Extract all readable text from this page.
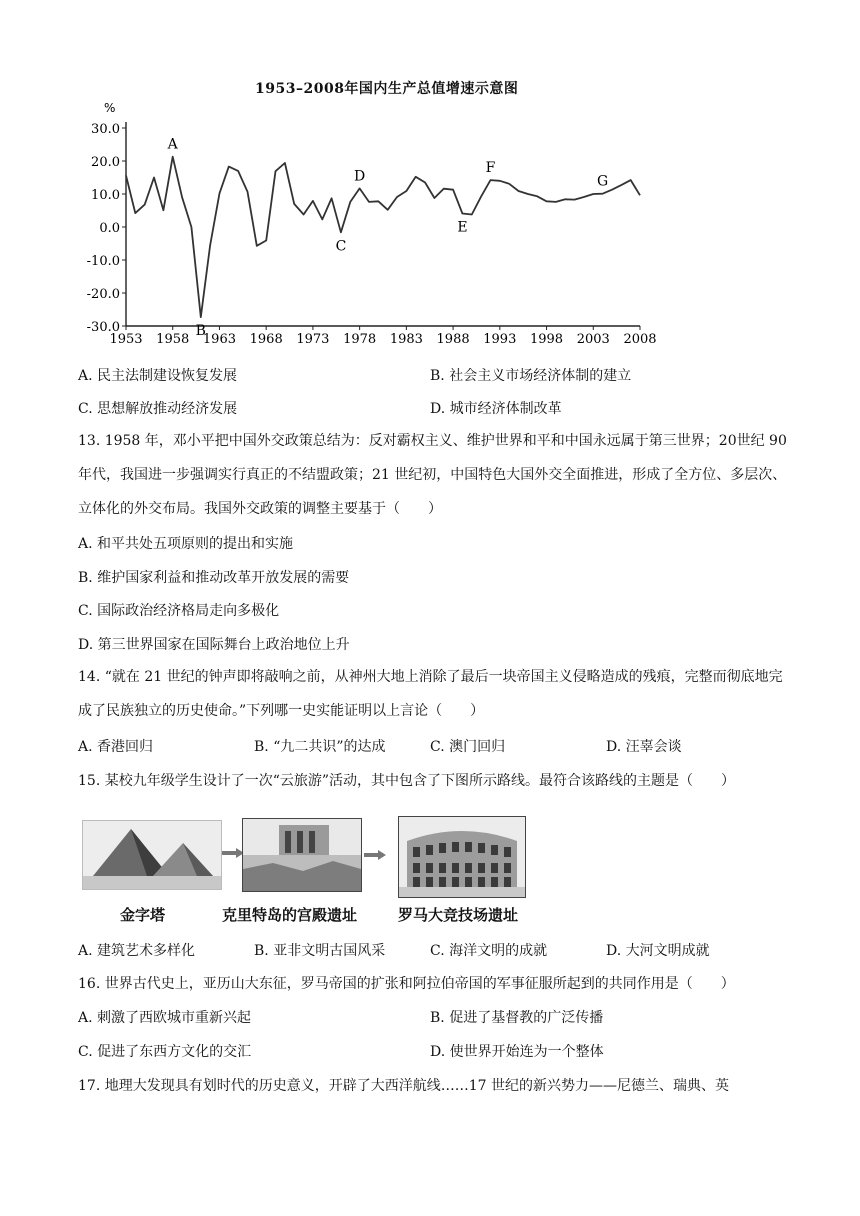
1953–2008年国内生产总值增速示意图
%
30.0
20.0
10.0
0.0
-10.0
-20.0
-30.0
1953 1958 1963 1968 1973 1978 1983 1988 1993 1998 2003 2008
A
B
C
D
E
F
G
A. 民主法制建设恢复发展	B. 社会主义市场经济体制的建立
C. 思想解放推动经济发展	D. 城市经济体制改革
13. 1958 年，邓小平把中国外交政策总结为：反对霸权主义、维护世界和平和中国永远属于第三世界；20世纪 90 年代，我国进一步强调实行真正的不结盟政策；21 世纪初，中国特色大国外交全面推进，形成了全方位、多层次、立体化的外交布局。我国外交政策的调整主要基于（　　）
A. 和平共处五项原则的提出和实施
B. 维护国家利益和推动改革开放发展的需要
C. 国际政治经济格局走向多极化
D. 第三世界国家在国际舞台上政治地位上升
14. “就在 21 世纪的钟声即将敲响之前，从神州大地上消除了最后一块帝国主义侵略造成的残痕，完整而彻底地完成了民族独立的历史使命。”下列哪一史实能证明以上言论（　　）
A. 香港回归	B. “九二共识”的达成	C. 澳门回归	D. 汪辜会谈
15. 某校九年级学生设计了一次“云旅游”活动，其中包含了下图所示路线。最符合该路线的主题是（　　）
金字塔	克里特岛的宫殿遗址	罗马大竞技场遗址
A. 建筑艺术多样化	B. 亚非文明古国风采	C. 海洋文明的成就	D. 大河文明成就
16. 世界古代史上，亚历山大东征，罗马帝国的扩张和阿拉伯帝国的军事征服所起到的共同作用是（　　）
A. 刺激了西欧城市重新兴起	B. 促进了基督教的广泛传播
C. 促进了东西方文化的交汇	D. 使世界开始连为一个整体
17. 地理大发现具有划时代的历史意义，开辟了大西洋航线……17 世纪的新兴势力——尼德兰、瑞典、英
